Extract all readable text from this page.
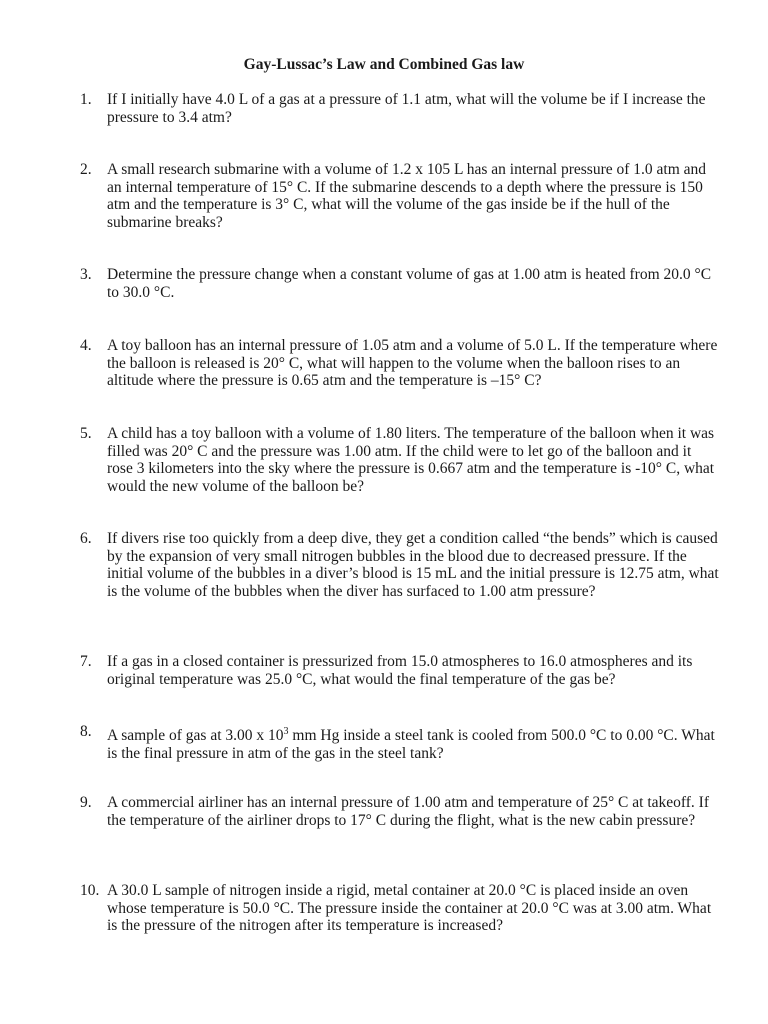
Gay-Lussac’s Law and Combined Gas law
1. If I initially have 4.0 L of a gas at a pressure of 1.1 atm, what will the volume be if I increase the pressure to 3.4 atm?
2. A small research submarine with a volume of 1.2 x 105 L has an internal pressure of 1.0 atm and an internal temperature of 15° C. If the submarine descends to a depth where the pressure is 150 atm and the temperature is 3° C, what will the volume of the gas inside be if the hull of the submarine breaks?
3. Determine the pressure change when a constant volume of gas at 1.00 atm is heated from 20.0 °C to 30.0 °C.
4. A toy balloon has an internal pressure of 1.05 atm and a volume of 5.0 L. If the temperature where the balloon is released is 20° C, what will happen to the volume when the balloon rises to an altitude where the pressure is 0.65 atm and the temperature is –15° C?
5. A child has a toy balloon with a volume of 1.80 liters. The temperature of the balloon when it was filled was 20° C and the pressure was 1.00 atm. If the child were to let go of the balloon and it rose 3 kilometers into the sky where the pressure is 0.667 atm and the temperature is -10° C, what would the new volume of the balloon be?
6. If divers rise too quickly from a deep dive, they get a condition called “the bends” which is caused by the expansion of very small nitrogen bubbles in the blood due to decreased pressure. If the initial volume of the bubbles in a diver’s blood is 15 mL and the initial pressure is 12.75 atm, what is the volume of the bubbles when the diver has surfaced to 1.00 atm pressure?
7. If a gas in a closed container is pressurized from 15.0 atmospheres to 16.0 atmospheres and its original temperature was 25.0 °C, what would the final temperature of the gas be?
8. A sample of gas at 3.00 x $10^3$ mm Hg inside a steel tank is cooled from 500.0 °C to 0.00 °C. What is the final pressure in atm of the gas in the steel tank?
9. A commercial airliner has an internal pressure of 1.00 atm and temperature of 25° C at takeoff. If the temperature of the airliner drops to 17° C during the flight, what is the new cabin pressure?
10. A 30.0 L sample of nitrogen inside a rigid, metal container at 20.0 °C is placed inside an oven whose temperature is 50.0 °C. The pressure inside the container at 20.0 °C was at 3.00 atm. What is the pressure of the nitrogen after its temperature is increased?
